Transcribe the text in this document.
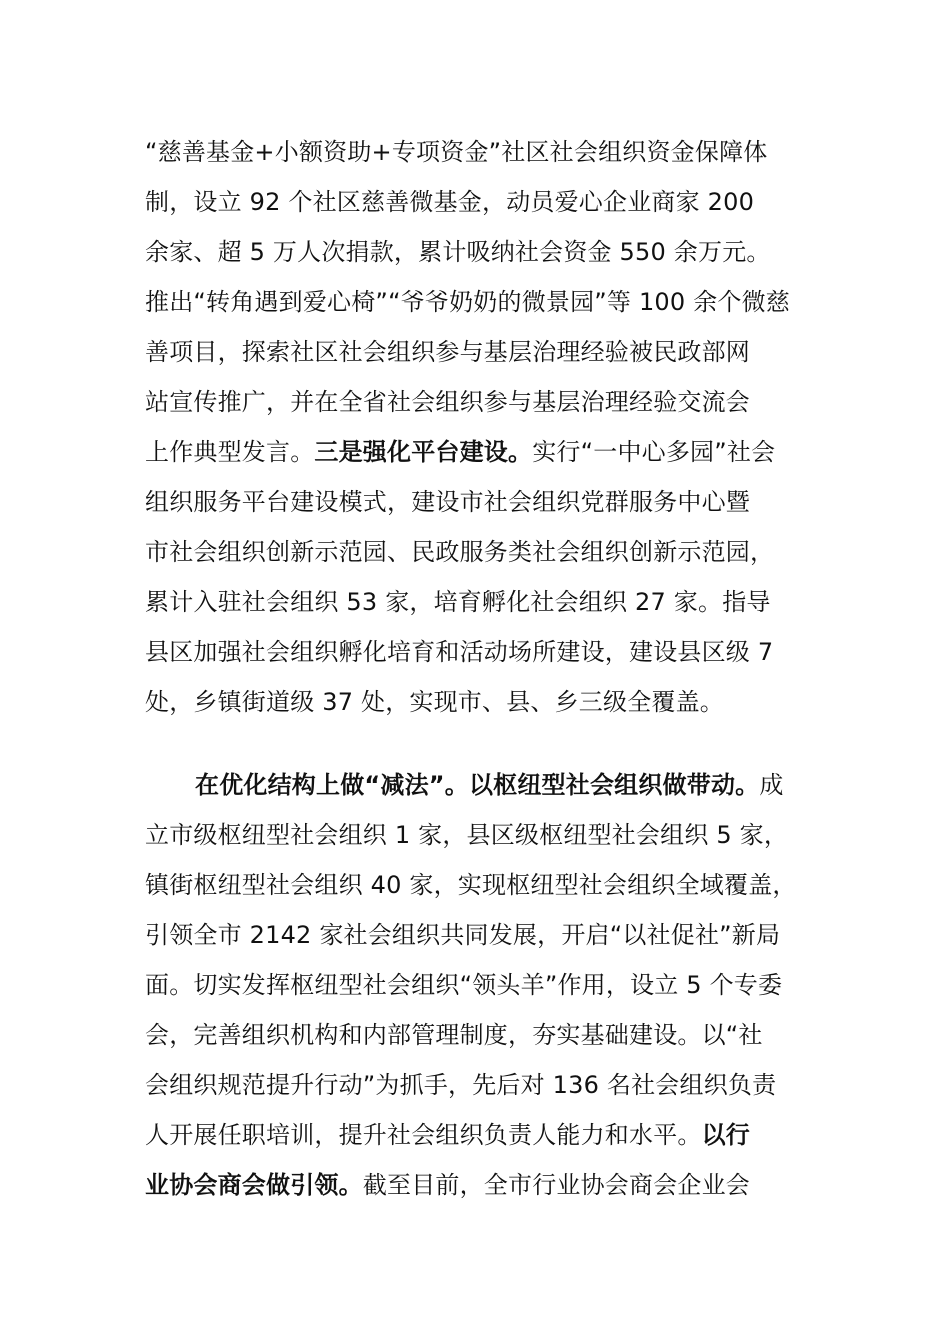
“慈善基金+小额资助+专项资金”社区社会组织资金保障体
制，设立 92 个社区慈善微基金，动员爱心企业商家 200
余家、超 5 万人次捐款，累计吸纳社会资金 550 余万元。
推出“转角遇到爱心椅”“爷爷奶奶的微景园”等 100 余个微慈
善项目，探索社区社会组织参与基层治理经验被民政部网
站宣传推广，并在全省社会组织参与基层治理经验交流会
上作典型发言。三是强化平台建设。实行“一中心多园”社会
组织服务平台建设模式，建设市社会组织党群服务中心暨
市社会组织创新示范园、民政服务类社会组织创新示范园，
累计入驻社会组织 53 家，培育孵化社会组织 27 家。指导
县区加强社会组织孵化培育和活动场所建设，建设县区级 7
处，乡镇街道级 37 处，实现市、县、乡三级全覆盖。
在优化结构上做“减法”。以枢纽型社会组织做带动。成
立市级枢纽型社会组织 1 家，县区级枢纽型社会组织 5 家，
镇街枢纽型社会组织 40 家，实现枢纽型社会组织全域覆盖，
引领全市 2142 家社会组织共同发展，开启“以社促社”新局
面。切实发挥枢纽型社会组织“领头羊”作用，设立 5 个专委
会，完善组织机构和内部管理制度，夯实基础建设。以“社
会组织规范提升行动”为抓手，先后对 136 名社会组织负责
人开展任职培训，提升社会组织负责人能力和水平。以行
业协会商会做引领。截至目前，全市行业协会商会企业会
